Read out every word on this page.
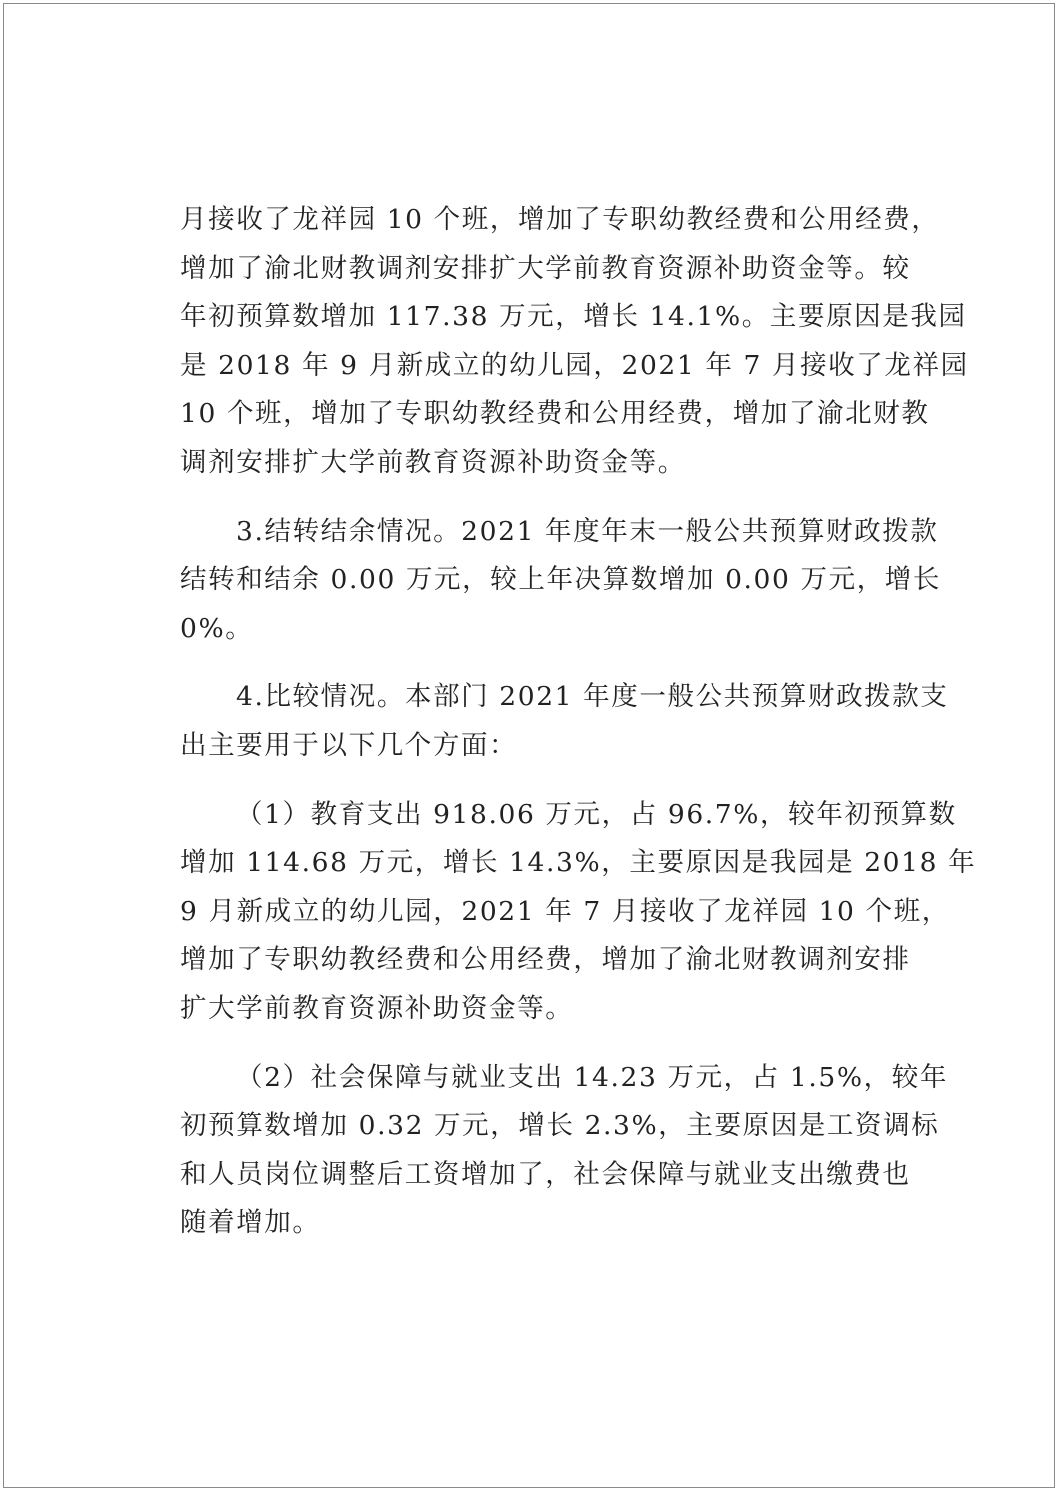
月接收了龙祥园 10 个班，增加了专职幼教经费和公用经费，
增加了渝北财教调剂安排扩大学前教育资源补助资金等。较
年初预算数增加 117.38 万元，增长 14.1%。主要原因是我园
是 2018 年 9 月新成立的幼儿园，2021 年 7 月接收了龙祥园
10 个班，增加了专职幼教经费和公用经费，增加了渝北财教
调剂安排扩大学前教育资源补助资金等。

3.结转结余情况。2021 年度年末一般公共预算财政拨款
结转和结余 0.00 万元，较上年决算数增加 0.00 万元，增长
0%。

4.比较情况。本部门 2021 年度一般公共预算财政拨款支
出主要用于以下几个方面：

（1）教育支出 918.06 万元，占 96.7%，较年初预算数
增加 114.68 万元，增长 14.3%，主要原因是我园是 2018 年
9 月新成立的幼儿园，2021 年 7 月接收了龙祥园 10 个班，
增加了专职幼教经费和公用经费，增加了渝北财教调剂安排
扩大学前教育资源补助资金等。

（2）社会保障与就业支出 14.23 万元，占 1.5%，较年
初预算数增加 0.32 万元，增长 2.3%，主要原因是工资调标
和人员岗位调整后工资增加了，社会保障与就业支出缴费也
随着增加。
